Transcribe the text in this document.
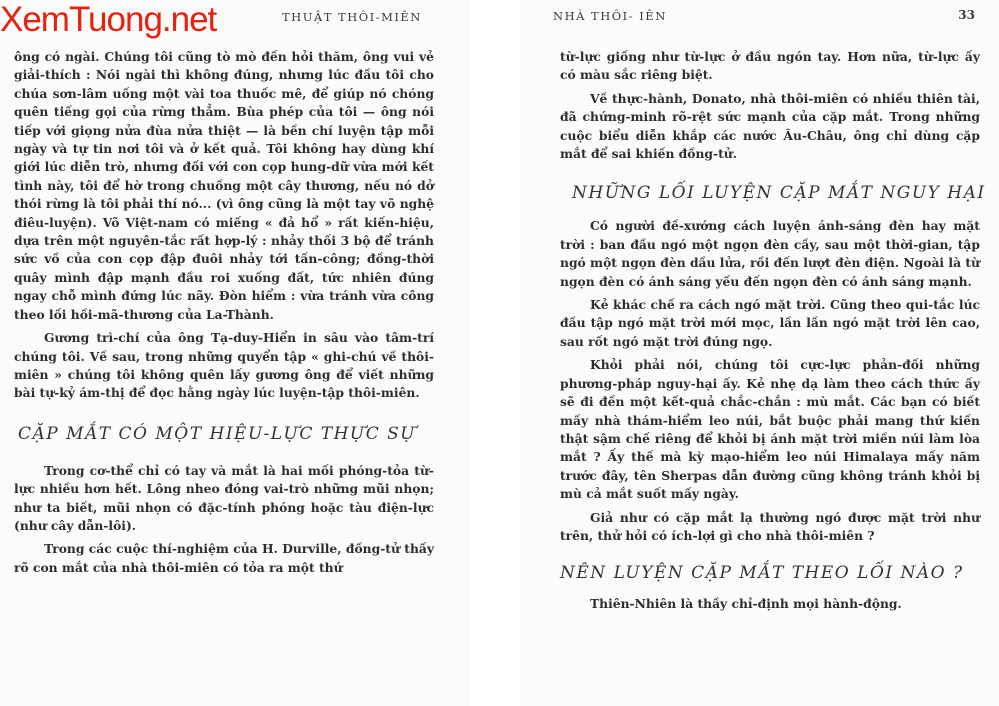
XemTuong.net	THUẬT THÔI-MIÊN

ông có ngài. Chúng tôi cũng tò mò đến hỏi thăm, ông vui vẻ giải-thích : Nói ngài thì không đúng, nhưng lúc đầu tôi cho chúa sơn-lâm uống một vài toa thuốc mê, để giúp nó chóng quên tiếng gọi của rừng thẳm. Bùa phép của tôi — ông nói tiếp với giọng nửa đùa nửa thiệt — là bền chí luyện tập mỗi ngày và tự tin nơi tôi và ở kết quả. Tôi không hay dùng khí giới lúc diễn trò, nhưng đối với con cọp hung-dữ vừa mới kết tình này, tôi để hờ trong chuồng một cây thương, nếu nó dở thói rừng là tôi phải thí nó... (vì ông cũng là một tay võ nghệ điêu-luyện). Võ Việt-nam có miếng « đả hổ » rất kiến-hiệu, dựa trên một nguyên-tắc rất hợp-lý : nhảy thối 3 bộ để tránh sức vồ của con cọp đập đuôi nhảy tới tấn-công; đồng-thời quây mình đập mạnh đầu roi xuống đất, tức nhiên đúng ngay chỗ mình đứng lúc nãy. Đòn hiểm : vừa tránh vừa công theo lối hồi-mã-thương của La-Thành.

Gương trì-chí của ông Tạ-duy-Hiển in sâu vào tâm-trí chúng tôi. Về sau, trong những quyển tập « ghi-chú về thôi-miên » chúng tôi không quên lấy gương ông để viết những bài tự-kỷ ám-thị để đọc hằng ngày lúc luyện-tập thôi-miên.

CẶP MẮT CÓ MỘT HIỆU-LỰC THỰC SỰ

Trong cơ-thể chỉ có tay và mắt là hai mối phóng-tỏa từ-lực nhiều hơn hết. Lông nheo đóng vai-trò những mũi nhọn; như ta biết, mũi nhọn có đặc-tính phóng hoặc tàu điện-lực (như cây dẫn-lôi).

Trong các cuộc thí-nghiệm của H. Durville, đồng-tử thấy rõ con mắt của nhà thôi-miên có tỏa ra một thứ

NHÀ THÔI- IÊN	33

từ-lực giống như từ-lực ở đầu ngón tay. Hơn nữa, từ-lực ấy có màu sắc riêng biệt.

Về thực-hành, Donato, nhà thôi-miên có nhiều thiên tài, đã chứng-minh rõ-rệt sức mạnh của cặp mắt. Trong những cuộc biểu diễn khắp các nước Âu-Châu, ông chỉ dùng cặp mắt để sai khiến đồng-tử.

NHỮNG LỐI LUYỆN CẶP MẮT NGUY HẠI

Có người đề-xướng cách luyện ánh-sáng đèn hay mặt trời : ban đầu ngó một ngọn đèn cầy, sau một thời-gian, tập ngó một ngọn đèn dầu lửa, rồi đến lượt đèn điện. Ngoài là từ ngọn đèn có ánh sáng yếu đến ngọn đèn có ánh sáng mạnh.

Kẻ khác chế ra cách ngó mặt trời. Cũng theo qui-tắc lúc đầu tập ngó mặt trời mới mọc, lần lần ngó mặt trời lên cao, sau rốt ngó mặt trời đúng ngọ.

Khỏi phải nói, chúng tôi cực-lực phản-đối những phương-pháp nguy-hại ấy. Kẻ nhẹ dạ làm theo cách thức ấy sẽ đi đến một kết-quả chắc-chắn : mù mắt. Các bạn có biết mấy nhà thám-hiểm leo núi, bắt buộc phải mang thứ kiến thật sậm chế riêng để khỏi bị ánh mặt trời miền núi làm lòa mắt ? Ấy thế mà kỳ mạo-hiểm leo núi Himalaya mấy năm trước đây, tên Sherpas dẫn đường cũng không tránh khỏi bị mù cả mắt suốt mấy ngày.

Giả như có cặp mắt lạ thường ngó được mặt trời như trên, thử hỏi có ích-lợi gì cho nhà thôi-miên ?

NÊN LUYỆN CẶP MẮT THEO LỐI NÀO ?

Thiên-Nhiên là thầy chỉ-định mọi hành-động.
